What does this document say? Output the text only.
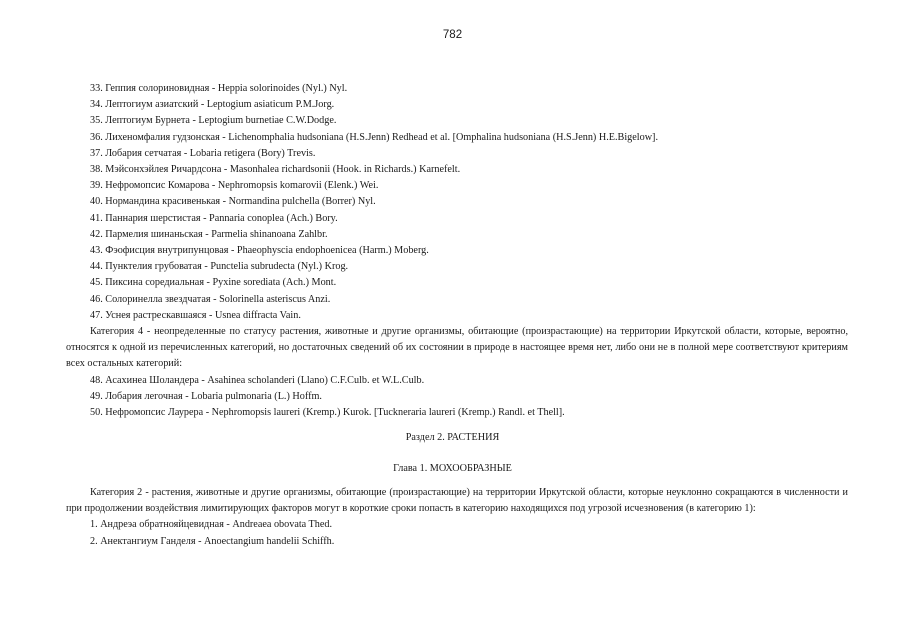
782
33. Геппия солориновидная - Heppia solorinoides (Nyl.) Nyl.
34. Лептогиум азиатский - Leptogium asiaticum P.M.Jorg.
35. Лептогиум Бурнета - Leptogium burnetiae C.W.Dodge.
36. Лихеномфалия гудзонская - Lichenomphalia hudsoniana (H.S.Jenn) Redhead et al. [Omphalina hudsoniana (H.S.Jenn) H.E.Bigelow].
37. Лобария сетчатая - Lobaria retigera (Bory) Trevis.
38. Мэйсонхэйлея Ричардсона - Masonhalea richardsonii (Hook. in Richards.) Karnefelt.
39. Нефромопсис Комарова - Nephromopsis komarovii (Elenk.) Wei.
40. Нормандина красивенькая - Normandina pulchella (Borrer) Nyl.
41. Паннария шерстистая - Pannaria conoplea (Ach.) Bory.
42. Пармелия шинаньская - Parmelia shinanoana Zahlbr.
43. Фэофисция внутрипунцовая - Phaeophyscia endophoenicea (Harm.) Moberg.
44. Пунктелия грубоватая - Punctelia subrudecta (Nyl.) Krog.
45. Пиксина соредиальная - Pyxine sorediata (Ach.) Mont.
46. Солоринелла звездчатая - Solorinella asteriscus Anzi.
47. Уснея растрескавшаяся - Usnea diffracta Vain.
Категория 4 - неопределенные по статусу растения, животные и другие организмы, обитающие (произрастающие) на территории Иркутской области, которые, вероятно, относятся к одной из перечисленных категорий, но достаточных сведений об их состоянии в природе в настоящее время нет, либо они не в полной мере соответствуют критериям всех остальных категорий:
48. Асахинеа Шоландера - Asahinea scholanderi (Llano) C.F.Culb. et W.L.Culb.
49. Лобария легочная - Lobaria pulmonaria (L.) Hoffm.
50. Нефромопсис Лаурера - Nephromopsis laureri (Kremp.) Kurok. [Tuckneraria laureri (Kremp.) Randl. et Thell].
Раздел 2. РАСТЕНИЯ
Глава 1. МОХООБРАЗНЫЕ
Категория 2 - растения, животные и другие организмы, обитающие (произрастающие) на территории Иркутской области, которые неуклонно сокращаются в численности и при продолжении воздействия лимитирующих факторов могут в короткие сроки попасть в категорию находящихся под угрозой исчезновения (в категорию 1):
1. Андреэа обратнояйцевидная - Andreaea obovata Thed.
2. Анектангиум Ганделя - Anoectangium handelii Schiffh.
